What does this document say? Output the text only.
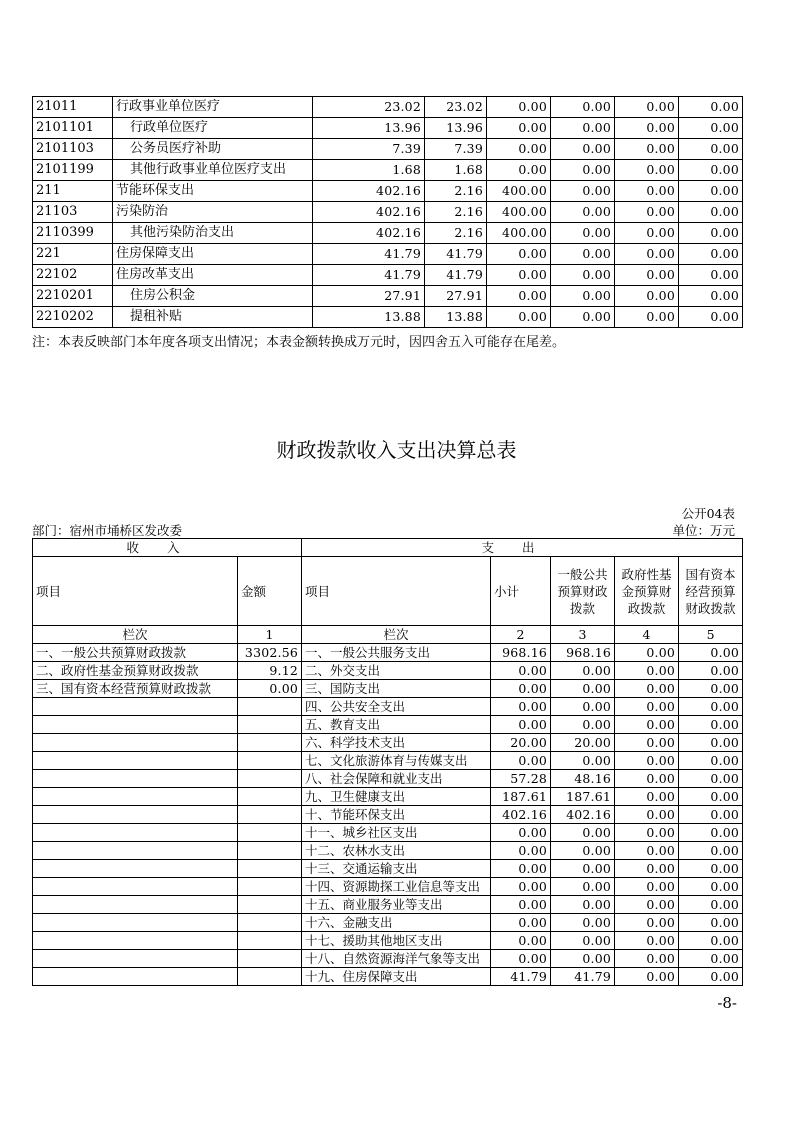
21011	行政事业单位医疗	23.02	23.02	0.00	0.00	0.00	0.00
2101101	行政单位医疗	13.96	13.96	0.00	0.00	0.00	0.00
2101103	公务员医疗补助	7.39	7.39	0.00	0.00	0.00	0.00
2101199	其他行政事业单位医疗支出	1.68	1.68	0.00	0.00	0.00	0.00
211	节能环保支出	402.16	2.16	400.00	0.00	0.00	0.00
21103	污染防治	402.16	2.16	400.00	0.00	0.00	0.00
2110399	其他污染防治支出	402.16	2.16	400.00	0.00	0.00	0.00
221	住房保障支出	41.79	41.79	0.00	0.00	0.00	0.00
22102	住房改革支出	41.79	41.79	0.00	0.00	0.00	0.00
2210201	住房公积金	27.91	27.91	0.00	0.00	0.00	0.00
2210202	提租补贴	13.88	13.88	0.00	0.00	0.00	0.00
注：本表反映部门本年度各项支出情况；本表金额转换成万元时，因四舍五入可能存在尾差。
财政拨款收入支出决算总表
公开04表
部门：宿州市埇桥区发改委	单位：万元
收入		支出				
项目	金额	项目	小计	一般公共预算财政拨款	政府性基金预算财政拨款	国有资本经营预算财政拨款
栏次	1	栏次	2	3	4	5
一、一般公共预算财政拨款	3302.56	一、一般公共服务支出	968.16	968.16	0.00	0.00
二、政府性基金预算财政拨款	9.12	二、外交支出	0.00	0.00	0.00	0.00
三、国有资本经营预算财政拨款	0.00	三、国防支出	0.00	0.00	0.00	0.00
		四、公共安全支出	0.00	0.00	0.00	0.00
		五、教育支出	0.00	0.00	0.00	0.00
		六、科学技术支出	20.00	20.00	0.00	0.00
		七、文化旅游体育与传媒支出	0.00	0.00	0.00	0.00
		八、社会保障和就业支出	57.28	48.16	0.00	0.00
		九、卫生健康支出	187.61	187.61	0.00	0.00
		十、节能环保支出	402.16	402.16	0.00	0.00
		十一、城乡社区支出	0.00	0.00	0.00	0.00
		十二、农林水支出	0.00	0.00	0.00	0.00
		十三、交通运输支出	0.00	0.00	0.00	0.00
		十四、资源勘探工业信息等支出	0.00	0.00	0.00	0.00
		十五、商业服务业等支出	0.00	0.00	0.00	0.00
		十六、金融支出	0.00	0.00	0.00	0.00
		十七、援助其他地区支出	0.00	0.00	0.00	0.00
		十八、自然资源海洋气象等支出	0.00	0.00	0.00	0.00
		十九、住房保障支出	41.79	41.79	0.00	0.00
-8-
